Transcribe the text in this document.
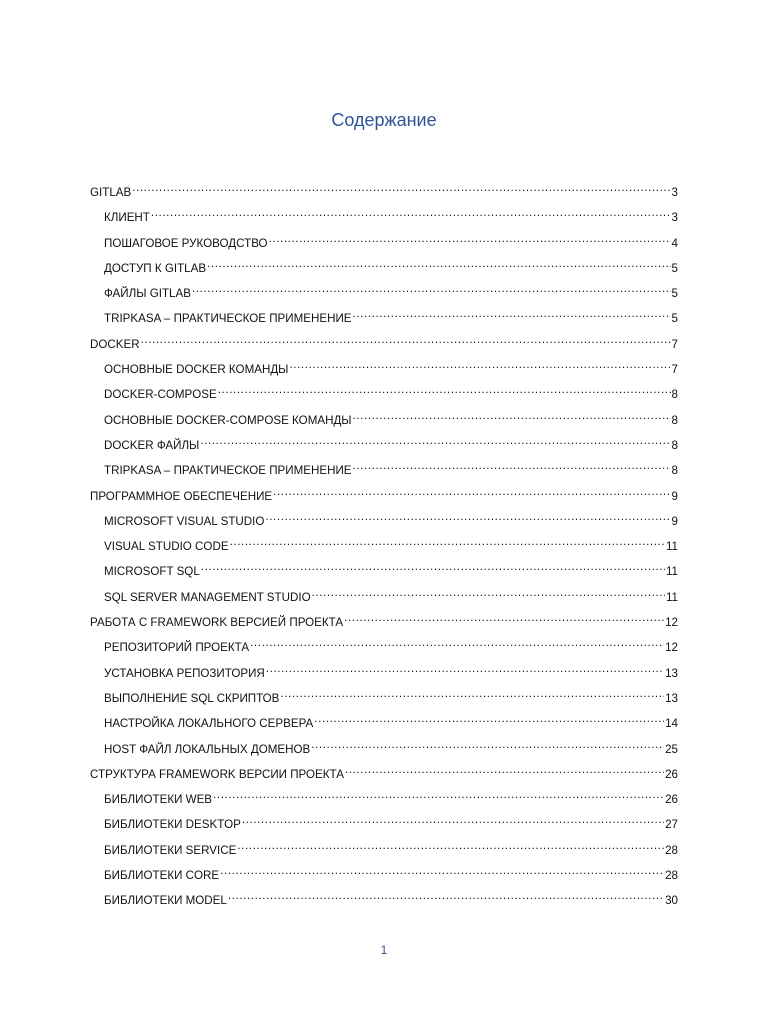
Содержание
GITLAB .....	3
КЛИЕНТ .....	3
ПОШАГОВОЕ РУКОВОДСТВО .....	4
ДОСТУП К GITLAB .....	5
ФАЙЛЫ GITLAB .....	5
TRIPKASA – ПРАКТИЧЕСКОЕ ПРИМЕНЕНИЕ .....	5
DOCKER .....	7
ОСНОВНЫЕ DOCKER КОМАНДЫ .....	7
DOCKER-COMPOSE .....	8
ОСНОВНЫЕ DOCKER-COMPOSE КОМАНДЫ .....	8
DOCKER ФАЙЛЫ .....	8
TRIPKASA – ПРАКТИЧЕСКОЕ ПРИМЕНЕНИЕ .....	8
ПРОГРАММНОЕ ОБЕСПЕЧЕНИЕ .....	9
MICROSOFT VISUAL STUDIO .....	9
VISUAL STUDIO CODE .....	11
MICROSOFT SQL .....	11
SQL SERVER MANAGEMENT STUDIO .....	11
РАБОТА С FRAMEWORK ВЕРСИЕЙ ПРОЕКТА .....	12
РЕПОЗИТОРИЙ ПРОЕКТА .....	12
УСТАНОВКА РЕПОЗИТОРИЯ .....	13
ВЫПОЛНЕНИЕ SQL СКРИПТОВ .....	13
НАСТРОЙКА ЛОКАЛЬНОГО СЕРВЕРА .....	14
HOST ФАЙЛ ЛОКАЛЬНЫХ ДОМЕНОВ .....	25
СТРУКТУРА FRAMEWORK ВЕРСИИ ПРОЕКТА .....	26
БИБЛИОТЕКИ WEB .....	26
БИБЛИОТЕКИ DESKTOP .....	27
БИБЛИОТЕКИ SERVICE .....	28
БИБЛИОТЕКИ CORE .....	28
БИБЛИОТЕКИ MODEL .....	30
1
